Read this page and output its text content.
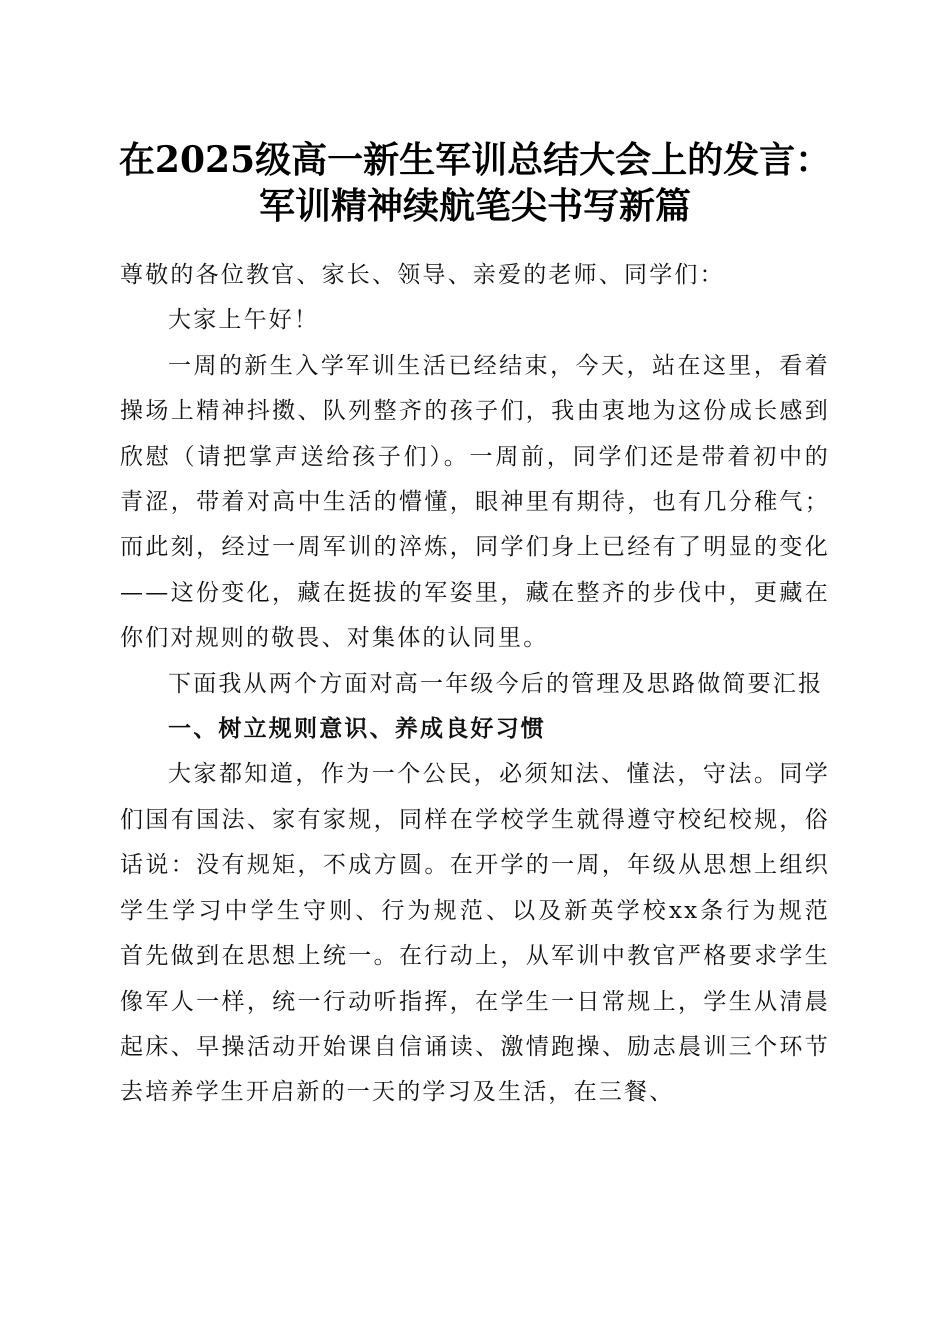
在2025级高一新生军训总结大会上的发言：
军训精神续航笔尖书写新篇

尊敬的各位教官、家长、领导、亲爱的老师、同学们：

大家上午好！

一周的新生入学军训生活已经结束，今天，站在这里，看着操场上精神抖擞、队列整齐的孩子们，我由衷地为这份成长感到欣慰（请把掌声送给孩子们）。一周前，同学们还是带着初中的青涩，带着对高中生活的懵懂，眼神里有期待，也有几分稚气；而此刻，经过一周军训的淬炼，同学们身上已经有了明显的变化——这份变化，藏在挺拔的军姿里，藏在整齐的步伐中，更藏在你们对规则的敬畏、对集体的认同里。

下面我从两个方面对高一年级今后的管理及思路做简要汇报

一、树立规则意识、养成良好习惯

大家都知道，作为一个公民，必须知法、懂法，守法。同学们国有国法、家有家规，同样在学校学生就得遵守校纪校规，俗话说：没有规矩，不成方圆。在开学的一周，年级从思想上组织学生学习中学生守则、行为规范、以及新英学校xx条行为规范首先做到在思想上统一。在行动上，从军训中教官严格要求学生像军人一样，统一行动听指挥，在学生一日常规上，学生从清晨起床、早操活动开始课自信诵读、激情跑操、励志晨训三个环节去培养学生开启新的一天的学习及生活，在三餐、
